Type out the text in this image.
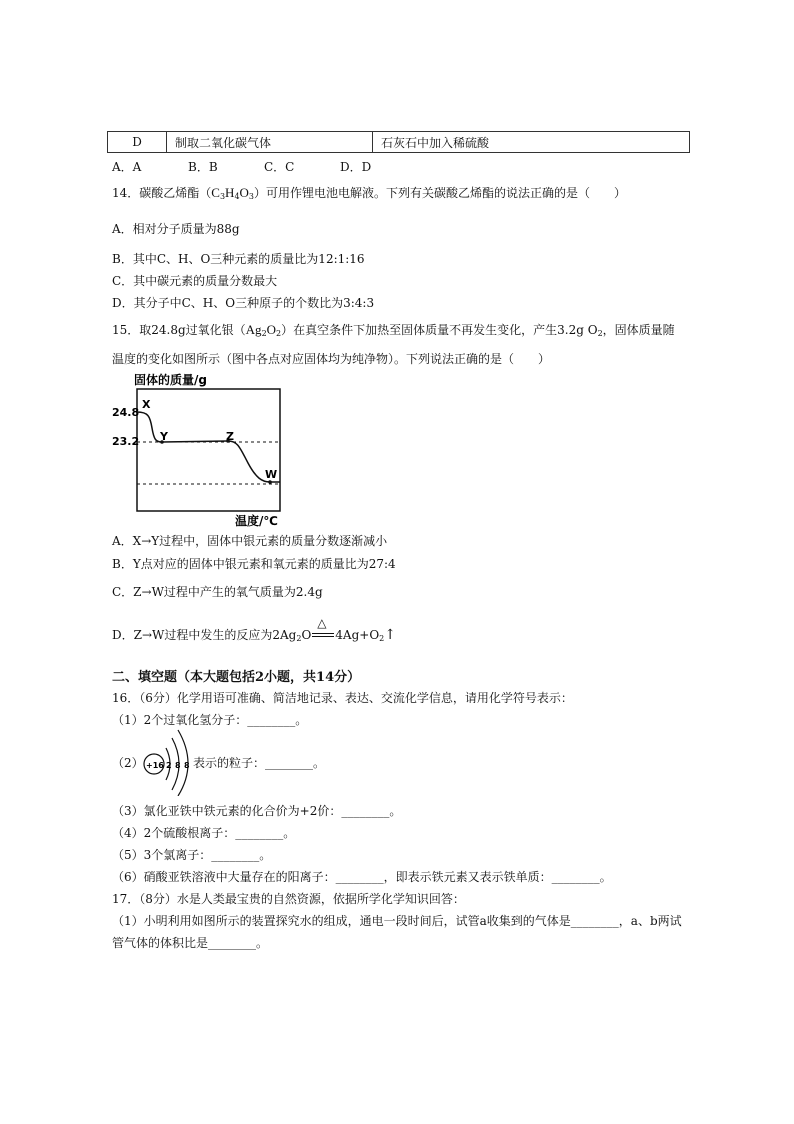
D	制取二氧化碳气体	石灰石中加入稀硫酸
A．A	B．B	C．C	D．D
14．碳酸乙烯酯$(C_3H_4O_3)$可用作锂电池电解液。下列有关碳酸乙烯酯的说法正确的是（　　）
A．相对分子质量为88g
B．其中C、H、O三种元素的质量比为12:1:16
C．其中碳元素的质量分数最大
D．其分子中C、H、O三种原子的个数比为3:4:3
15．取24.8g过氧化银$(Ag_2O_2)$在真空条件下加热至固体质量不再发生变化，产生3.2g $O_2$，固体质量随
温度的变化如图所示（图中各点对应固体均为纯净物）。下列说法正确的是（　　）
固体的质量/g
24.8
23.2
X
Y	Z
W
温度/℃
A．X→Y过程中，固体中银元素的质量分数逐渐减小
B．Y点对应的固体中银元素和氧元素的质量比为27:4
C．Z→W过程中产生的氧气质量为2.4g
D．Z→W过程中发生的反应为$2Ag_2O$
△
$4Ag+O_2↑$
二、填空题（本大题包括2小题，共14分）
16．（6分）化学用语可准确、简洁地记录、表达、交流化学信息，请用化学符号表示：
（1）2个过氧化氢分子：________。
（2） +16 2 8 8 表示的粒子：________。
（3）氯化亚铁中铁元素的化合价为+2价：________。
（4）2个硫酸根离子：________。
（5）3个氯离子：________。
（6）硝酸亚铁溶液中大量存在的阳离子：________，即表示铁元素又表示铁单质：________。
17．（8分）水是人类最宝贵的自然资源，依据所学化学知识回答：
（1）小明利用如图所示的装置探究水的组成，通电一段时间后，试管a收集到的气体是________，a、b两试
管气体的体积比是________。
